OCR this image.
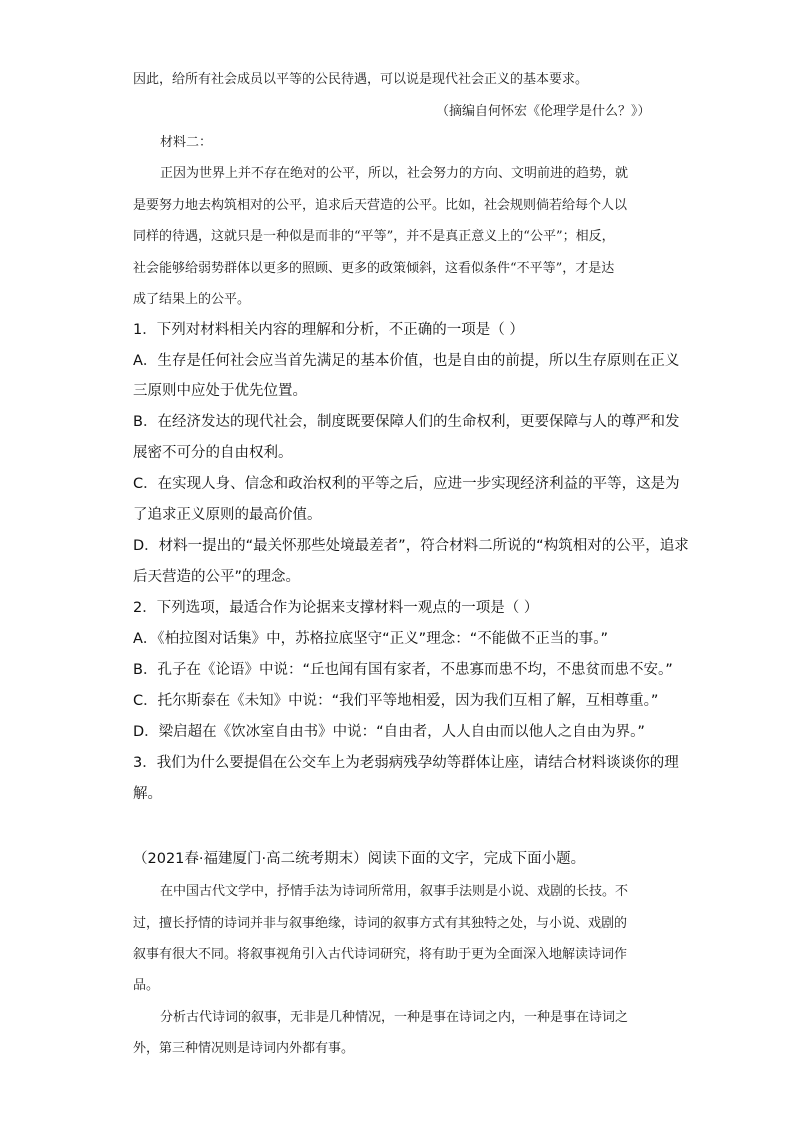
因此，给所有社会成员以平等的公民待遇，可以说是现代社会正义的基本要求。
（摘编自何怀宏《伦理学是什么？》）
材料二：
正因为世界上并不存在绝对的公平，所以，社会努力的方向、文明前进的趋势，就
是要努力地去构筑相对的公平，追求后天营造的公平。比如，社会规则倘若给每个人以
同样的待遇，这就只是一种似是而非的“平等”，并不是真正意义上的“公平”；相反，
社会能够给弱势群体以更多的照顾、更多的政策倾斜，这看似条件“不平等”，才是达
成了结果上的公平。
1．下列对材料相关内容的理解和分析，不正确的一项是（ ）
A．生存是任何社会应当首先满足的基本价值，也是自由的前提，所以生存原则在正义
三原则中应处于优先位置。
B．在经济发达的现代社会，制度既要保障人们的生命权利，更要保障与人的尊严和发
展密不可分的自由权利。
C．在实现人身、信念和政治权利的平等之后，应进一步实现经济利益的平等，这是为
了追求正义原则的最高价值。
D．材料一提出的“最关怀那些处境最差者”，符合材料二所说的“构筑相对的公平，追求
后天营造的公平”的理念。
2．下列选项，最适合作为论据来支撑材料一观点的一项是（ ）
A．《柏拉图对话集》中，苏格拉底坚守“正义”理念：“不能做不正当的事。”
B．孔子在《论语》中说：“丘也闻有国有家者，不患寡而患不均，不患贫而患不安。”
C．托尔斯泰在《未知》中说：“我们平等地相爱，因为我们互相了解，互相尊重。”
D．梁启超在《饮冰室自由书》中说：“自由者，人人自由而以他人之自由为界。”
3．我们为什么要提倡在公交车上为老弱病残孕幼等群体让座，请结合材料谈谈你的理
解。
（2021春·福建厦门·高二统考期末）阅读下面的文字，完成下面小题。
在中国古代文学中，抒情手法为诗词所常用，叙事手法则是小说、戏剧的长技。不
过，擅长抒情的诗词并非与叙事绝缘，诗词的叙事方式有其独特之处，与小说、戏剧的
叙事有很大不同。将叙事视角引入古代诗词研究，将有助于更为全面深入地解读诗词作
品。
分析古代诗词的叙事，无非是几种情况，一种是事在诗词之内，一种是事在诗词之
外，第三种情况则是诗词内外都有事。
